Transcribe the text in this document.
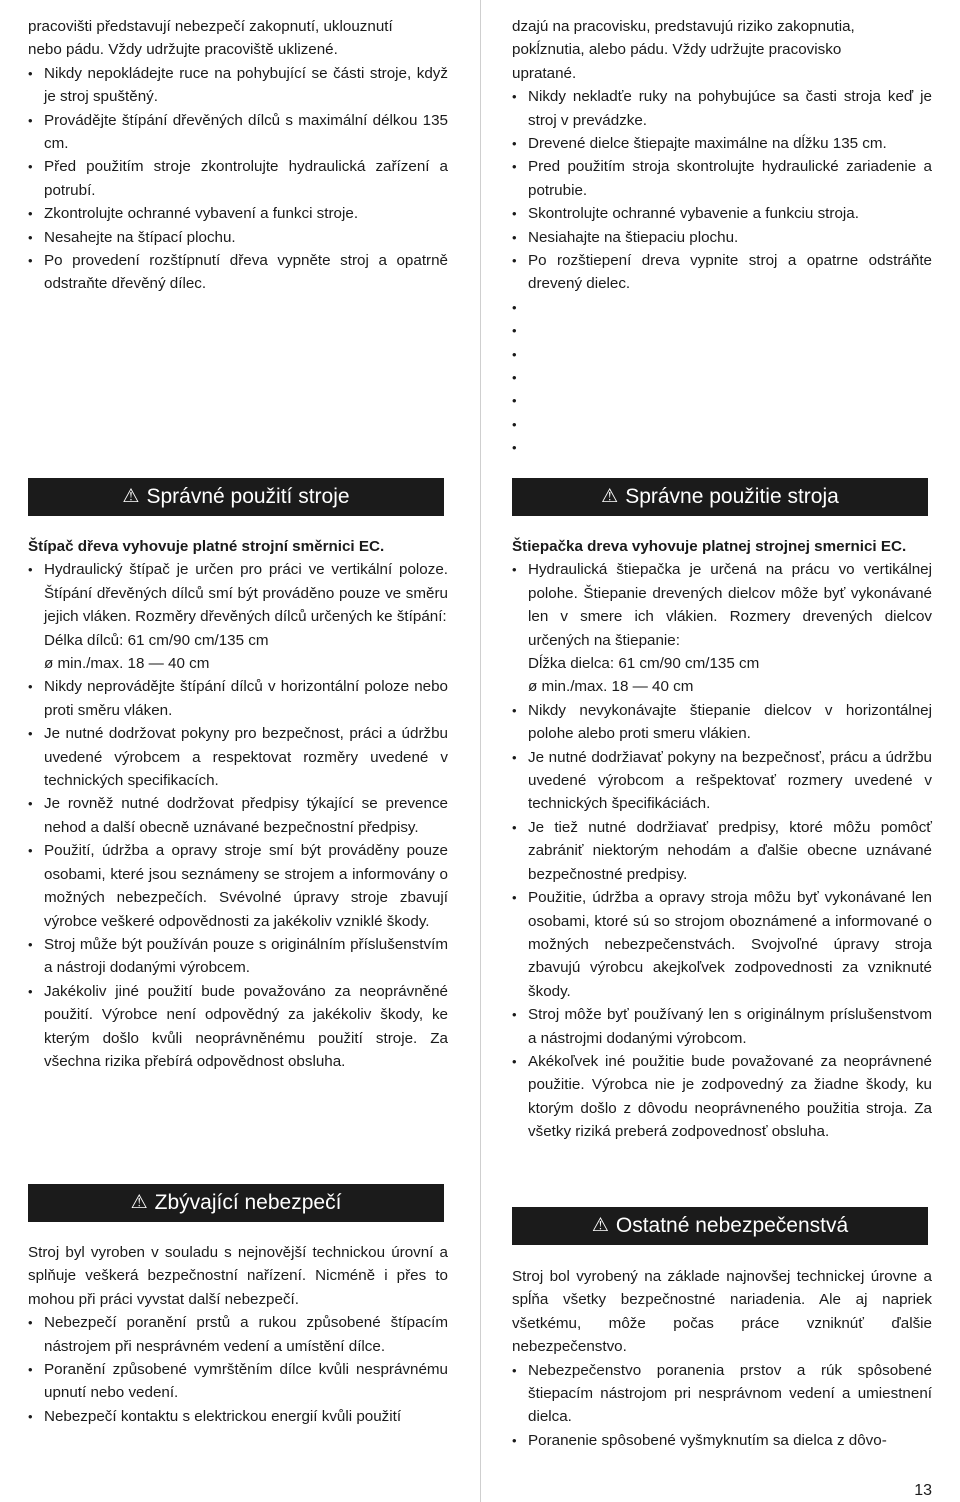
pracovišti představují nebezpečí zakopnutí, uklouznutí

nebo pádu. Vždy udržujte pracoviště uklizené.

• Nikdy nepokládejte ruce na pohybující se části stroje, když je stroj spuštěný.
• Provádějte štípání dřevěných dílců s maximální délkou 135 cm.
• Před použitím stroje zkontrolujte hydraulická zařízení a potrubí.
• Zkontrolujte ochranné vybavení a funkci stroje.
• Nesahejte na štípací plochu.
• Po provedení rozštípnutí dřeva vypněte stroj a opatrně odstraňte dřevěný dílec.
⚠ Správné použití stroje

Štípač dřeva vyhovuje platné strojní směrnici EC.

• Hydraulický štípač je určen pro práci ve vertikální poloze. Štípání dřevěných dílců smí být prováděno pouze ve směru jejich vláken. Rozměry dřevěných dílců určených ke štípání:
Délka dílců: 61 cm/90 cm/135 cm
ø min./max. 18 — 40 cm
• Nikdy neprovádějte štípání dílců v horizontální poloze nebo proti směru vláken.
• Je nutné dodržovat pokyny pro bezpečnost, práci a údržbu uvedené výrobcem a respektovat rozměry uvedené v technických specifikacích.
• Je rovněž nutné dodržovat předpisy týkající se prevence nehod a další obecně uznávané bezpečnostní předpisy.
• Použití, údržba a opravy stroje smí být prováděny pouze osobami, které jsou seznámeny se strojem a informovány o možných nebezpečích. Svévolné úpravy stroje zbavují výrobce veškeré odpovědnosti za jakékoliv vzniklé škody.
• Stroj může být používán pouze s originálním příslušenstvím a nástroji dodanými výrobcem.
• Jakékoliv jiné použití bude považováno za neoprávněné použití. Výrobce není odpovědný za jakékoliv škody, ke kterým došlo kvůli neoprávněnému použití stroje. Za všechna rizika přebírá odpovědnost obsluha.
⚠ Zbývající nebezpečí

Stroj byl vyroben v souladu s nejnovější technickou úrovní a splňuje veškerá bezpečnostní nařízení. Nicméně i přes to mohou při práci vyvstat další nebezpečí.

• Nebezpečí poranění prstů a rukou způsobené štípacím nástrojem při nesprávném vedení a umístění dílce.
• Poranění způsobené vymrštěním dílce kvůli nesprávnému upnutí nebo vedení.
• Nebezpečí kontaktu s elektrickou energií kvůli použití

dzajú na pracovisku, predstavujú riziko zakopnutia,

pokĺznutia, alebo pádu. Vždy udržujte pracovisko

upratané.

• Nikdy nekladťe ruky na pohybujúce sa časti stroja keď je stroj v prevádzke.
• Drevené dielce štiepajte maximálne na dĺžku 135 cm.
• Pred použitím stroja skontrolujte hydraulické zariadenie a potrubie.
• Skontrolujte ochranné vybavenie a funkciu stroja.
• Nesiahajte na štiepaciu plochu.
• Po rozštiepení dreva vypnite stroj a opatrne odstráňte drevený dielec.
•
•
•
•
•
•
•
⚠ Správne použitie stroja

Štiepačka dreva vyhovuje platnej strojnej smernici EC.

• Hydraulická štiepačka je určená na prácu vo vertikálnej polohe. Štiepanie drevených dielcov môže byť vykonávané len v smere ich vlákien. Rozmery drevených dielcov určených na štiepanie:
Dĺžka dielca: 61 cm/90 cm/135 cm
ø min./max. 18 — 40 cm
• Nikdy nevykonávajte štiepanie dielcov v horizontálnej polohe alebo proti smeru vlákien.
• Je nutné dodržiavať pokyny na bezpečnosť, prácu a údržbu uvedené výrobcom a rešpektovať rozmery uvedené v technických špecifikáciách.
• Je tiež nutné dodržiavať predpisy, ktoré môžu pomôcť zabrániť niektorým nehodám a ďalšie obecne uznávané bezpečnostné predpisy.
• Použitie, údržba a opravy stroja môžu byť vykonávané len osobami, ktoré sú so strojom oboznámené a informované o možných nebezpečenstvách. Svojvoľné úpravy stroja zbavujú výrobcu akejkoľvek zodpovednosti za vzniknuté škody.
• Stroj môže byť používaný len s originálnym príslušenstvom a nástrojmi dodanými výrobcom.
• Akékoľvek iné použitie bude považované za neoprávnené použitie. Výrobca nie je zodpovedný za žiadne škody, ku ktorým došlo z dôvodu neoprávneného použitia stroja. Za všetky riziká preberá zodpovednosť obsluha.
⚠ Ostatné nebezpečenstvá

Stroj bol vyrobený na základe najnovšej technickej úrovne a spĺňa všetky bezpečnostné nariadenia. Ale aj napriek všetkému, môže počas práce vzniknúť ďalšie nebezpečenstvo.

• Nebezpečenstvo poranenia prstov a rúk spôsobené štiepacím nástrojom pri nesprávnom vedení a umiestnení dielca.
• Poranenie spôsobené vyšmyknutím sa dielca z dôvo-
13
